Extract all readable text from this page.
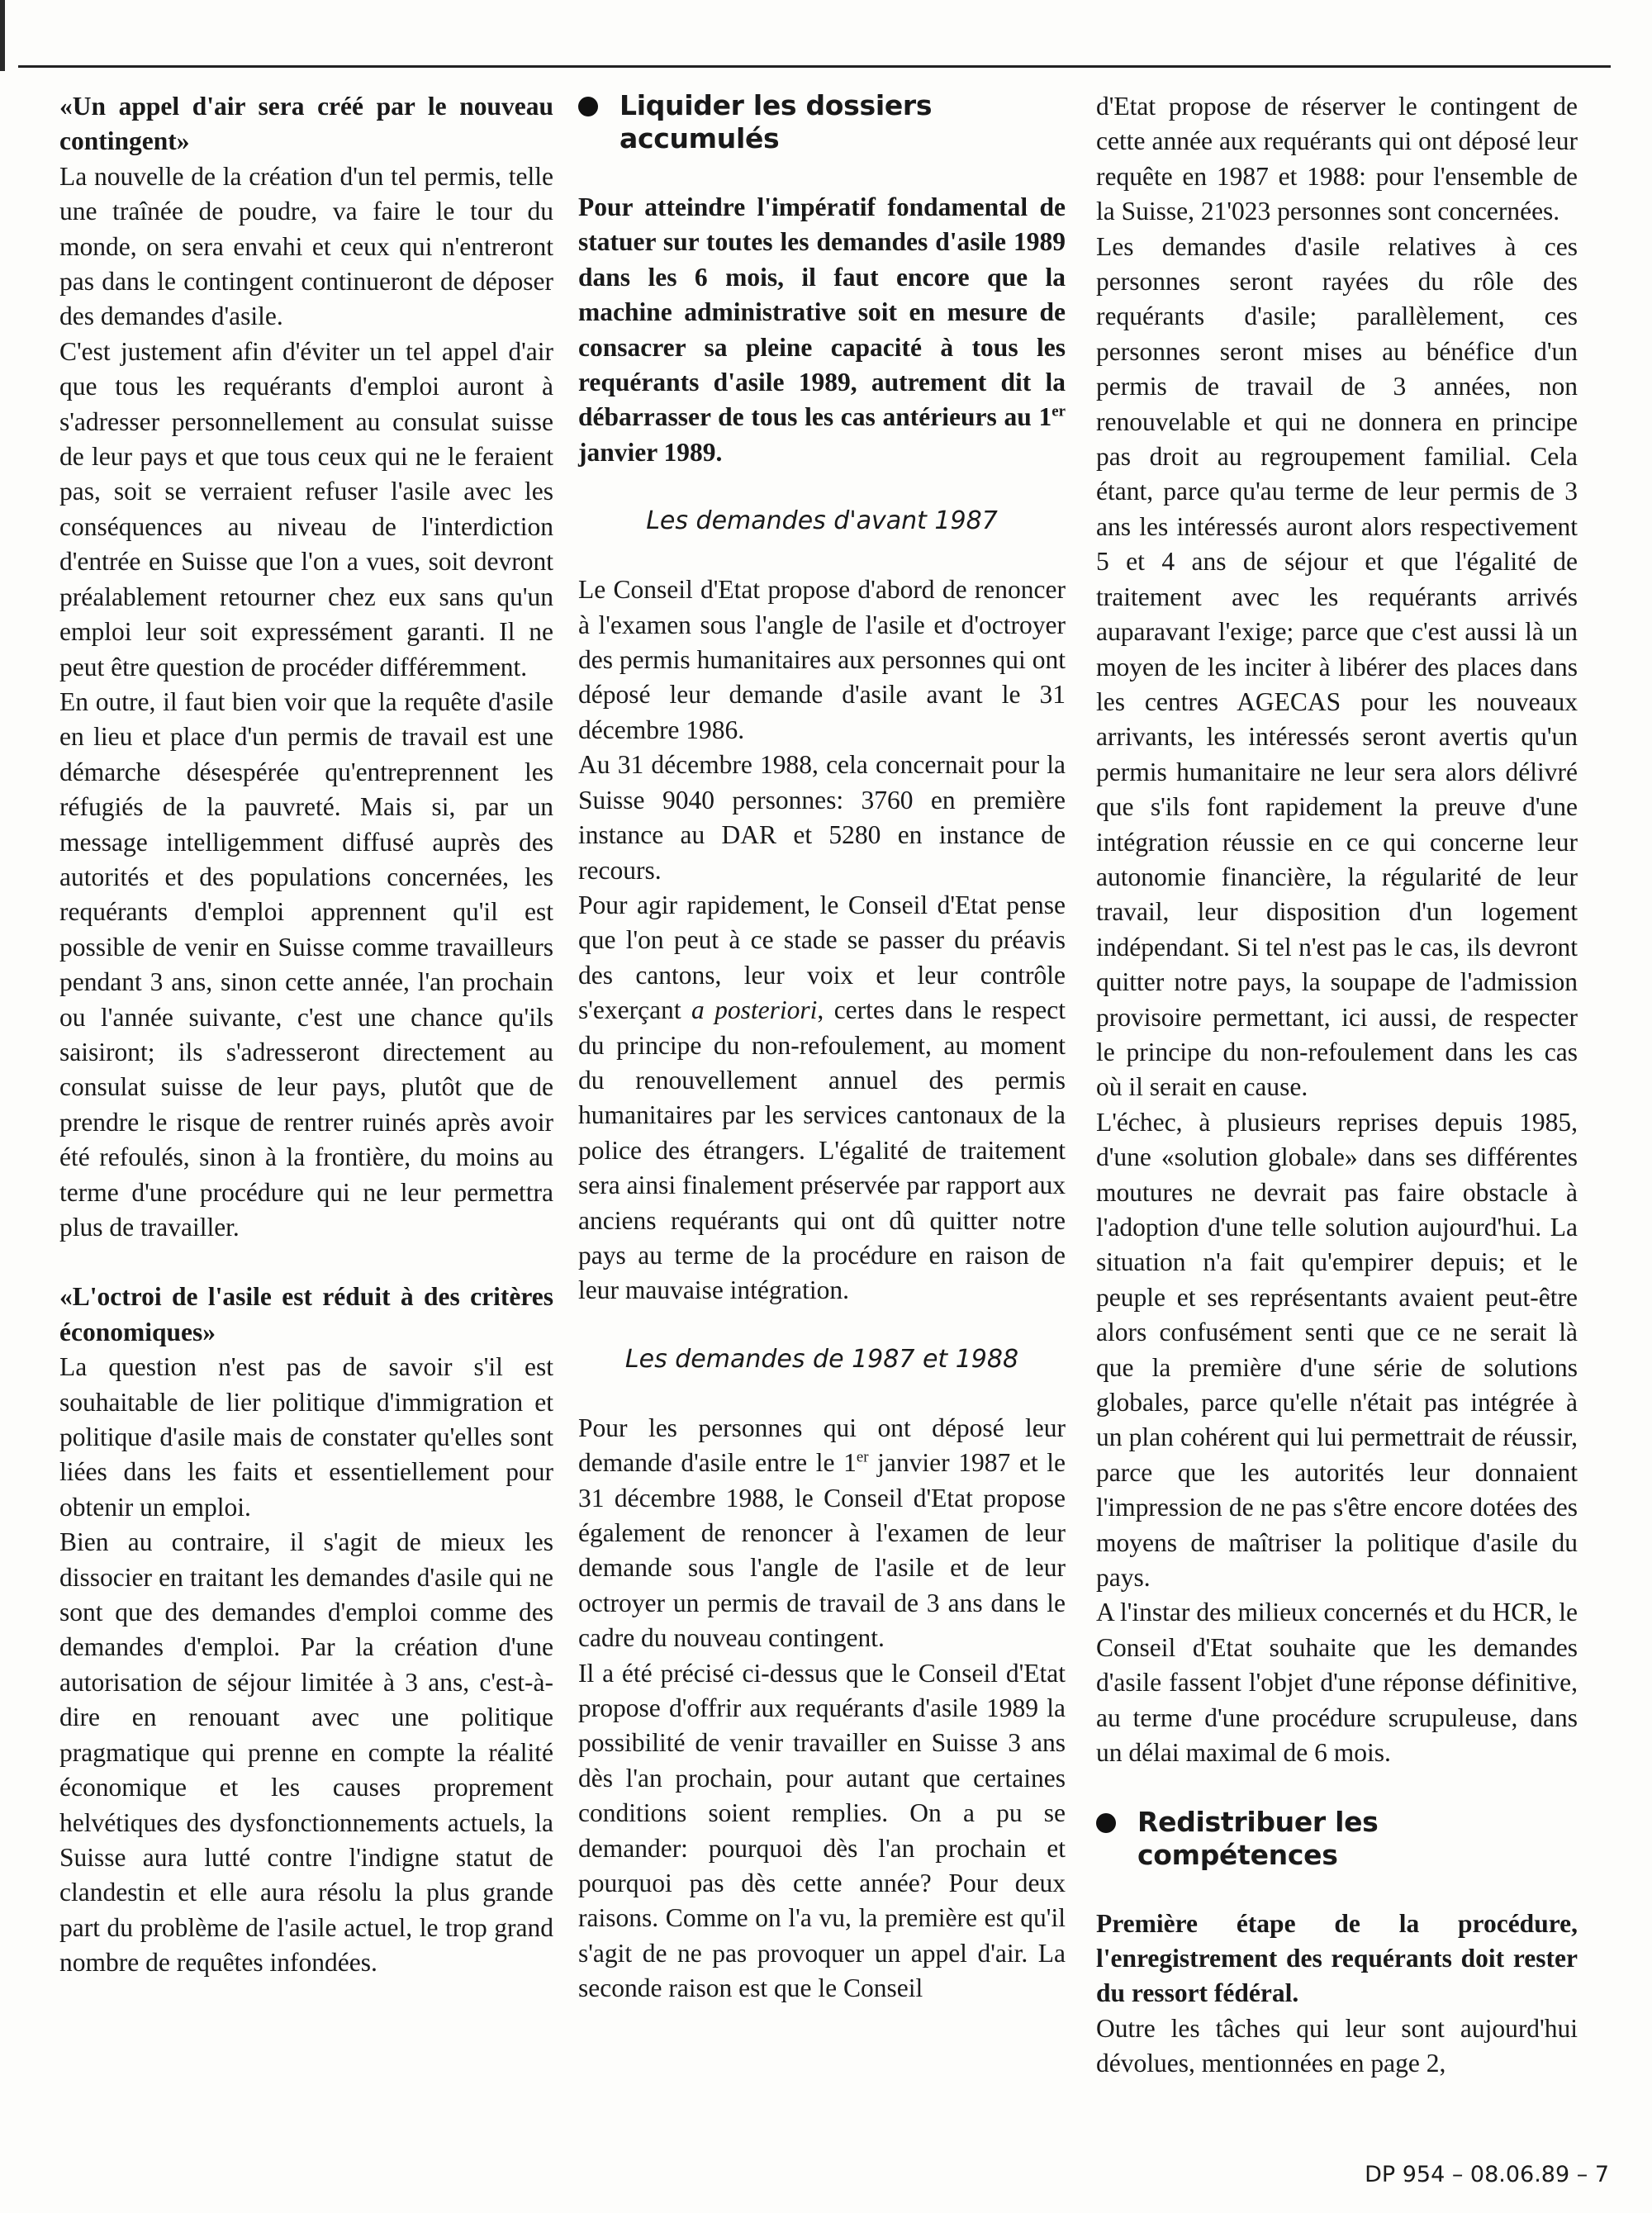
«Un appel d'air sera créé par le nouveau contingent»

La nouvelle de la création d'un tel permis, telle une traînée de poudre, va faire le tour du monde, on sera envahi et ceux qui n'entreront pas dans le contingent continueront de déposer des demandes d'asile.

C'est justement afin d'éviter un tel appel d'air que tous les requérants d'emploi auront à s'adresser personnellement au consulat suisse de leur pays et que tous ceux qui ne le feraient pas, soit se verraient refuser l'asile avec les conséquences au niveau de l'interdiction d'entrée en Suisse que l'on a vues, soit devront préalablement retourner chez eux sans qu'un emploi leur soit expressément garanti. Il ne peut être question de procéder différemment.

En outre, il faut bien voir que la requête d'asile en lieu et place d'un permis de travail est une démarche désespérée qu'entreprennent les réfugiés de la pauvreté. Mais si, par un message intelligemment diffusé auprès des autorités et des populations concernées, les requérants d'emploi apprennent qu'il est possible de venir en Suisse comme travailleurs pendant 3 ans, sinon cette année, l'an prochain ou l'année suivante, c'est une chance qu'ils saisiront; ils s'adresseront directement au consulat suisse de leur pays, plutôt que de prendre le risque de rentrer ruinés après avoir été refoulés, sinon à la frontière, du moins au terme d'une procédure qui ne leur permettra plus de travailler.

«L'octroi de l'asile est réduit à des critères économiques»

La question n'est pas de savoir s'il est souhaitable de lier politique d'immigration et politique d'asile mais de constater qu'elles sont liées dans les faits et essentiellement pour obtenir un emploi.

Bien au contraire, il s'agit de mieux les dissocier en traitant les demandes d'asile qui ne sont que des demandes d'emploi comme des demandes d'emploi. Par la création d'une autorisation de séjour limitée à 3 ans, c'est-à-dire en renouant avec une politique pragmatique qui prenne en compte la réalité économique et les causes proprement helvétiques des dysfonctionnements actuels, la Suisse aura lutté contre l'indigne statut de clandestin et elle aura résolu la plus grande part du problème de l'asile actuel, le trop grand nombre de requêtes infondées.

Liquider les dossiers accumulés

Pour atteindre l'impératif fondamental de statuer sur toutes les demandes d'asile 1989 dans les 6 mois, il faut encore que la machine administrative soit en mesure de consacrer sa pleine capacité à tous les requérants d'asile 1989, autrement dit la débarrasser de tous les cas antérieurs au 1er janvier 1989.

Les demandes d'avant 1987

Le Conseil d'Etat propose d'abord de renoncer à l'examen sous l'angle de l'asile et d'octroyer des permis humanitaires aux personnes qui ont déposé leur demande d'asile avant le 31 décembre 1986.

Au 31 décembre 1988, cela concernait pour la Suisse 9040 personnes: 3760 en première instance au DAR et 5280 en instance de recours.

Pour agir rapidement, le Conseil d'Etat pense que l'on peut à ce stade se passer du préavis des cantons, leur voix et leur contrôle s'exerçant a posteriori, certes dans le respect du principe du non-refoulement, au moment du renouvellement annuel des permis humanitaires par les services cantonaux de la police des étrangers. L'égalité de traitement sera ainsi finalement préservée par rapport aux anciens requérants qui ont dû quitter notre pays au terme de la procédure en raison de leur mauvaise intégration.

Les demandes de 1987 et 1988

Pour les personnes qui ont déposé leur demande d'asile entre le 1er janvier 1987 et le 31 décembre 1988, le Conseil d'Etat propose également de renoncer à l'examen de leur demande sous l'angle de l'asile et de leur octroyer un permis de travail de 3 ans dans le cadre du nouveau contingent.

Il a été précisé ci-dessus que le Conseil d'Etat propose d'offrir aux requérants d'asile 1989 la possibilité de venir travailler en Suisse 3 ans dès l'an prochain, pour autant que certaines conditions soient remplies. On a pu se demander: pourquoi dès l'an prochain et pourquoi pas dès cette année? Pour deux raisons. Comme on l'a vu, la première est qu'il s'agit de ne pas provoquer un appel d'air. La seconde raison est que le Conseil

d'Etat propose de réserver le contingent de cette année aux requérants qui ont déposé leur requête en 1987 et 1988: pour l'ensemble de la Suisse, 21'023 personnes sont concernées.

Les demandes d'asile relatives à ces personnes seront rayées du rôle des requérants d'asile; parallèlement, ces personnes seront mises au bénéfice d'un permis de travail de 3 années, non renouvelable et qui ne donnera en principe pas droit au regroupement familial. Cela étant, parce qu'au terme de leur permis de 3 ans les intéressés auront alors respectivement 5 et 4 ans de séjour et que l'égalité de traitement avec les requérants arrivés auparavant l'exige; parce que c'est aussi là un moyen de les inciter à libérer des places dans les centres AGECAS pour les nouveaux arrivants, les intéressés seront avertis qu'un permis humanitaire ne leur sera alors délivré que s'ils font rapidement la preuve d'une intégration réussie en ce qui concerne leur autonomie financière, la régularité de leur travail, leur disposition d'un logement indépendant. Si tel n'est pas le cas, ils devront quitter notre pays, la soupape de l'admission provisoire permettant, ici aussi, de respecter le principe du non-refoulement dans les cas où il serait en cause.

L'échec, à plusieurs reprises depuis 1985, d'une «solution globale» dans ses différentes moutures ne devrait pas faire obstacle à l'adoption d'une telle solution aujourd'hui. La situation n'a fait qu'empirer depuis; et le peuple et ses représentants avaient peut-être alors confusément senti que ce ne serait là que la première d'une série de solutions globales, parce qu'elle n'était pas intégrée à un plan cohérent qui lui permettrait de réussir, parce que les autorités leur donnaient l'impression de ne pas s'être encore dotées des moyens de maîtriser la politique d'asile du pays.

A l'instar des milieux concernés et du HCR, le Conseil d'Etat souhaite que les demandes d'asile fassent l'objet d'une réponse définitive, au terme d'une procédure scrupuleuse, dans un délai maximal de 6 mois.

Redistribuer les compétences

Première étape de la procédure, l'enregistrement des requérants doit rester du ressort fédéral.

Outre les tâches qui leur sont aujourd'hui dévolues, mentionnées en page 2,

DP 954 – 08.06.89 – 7
